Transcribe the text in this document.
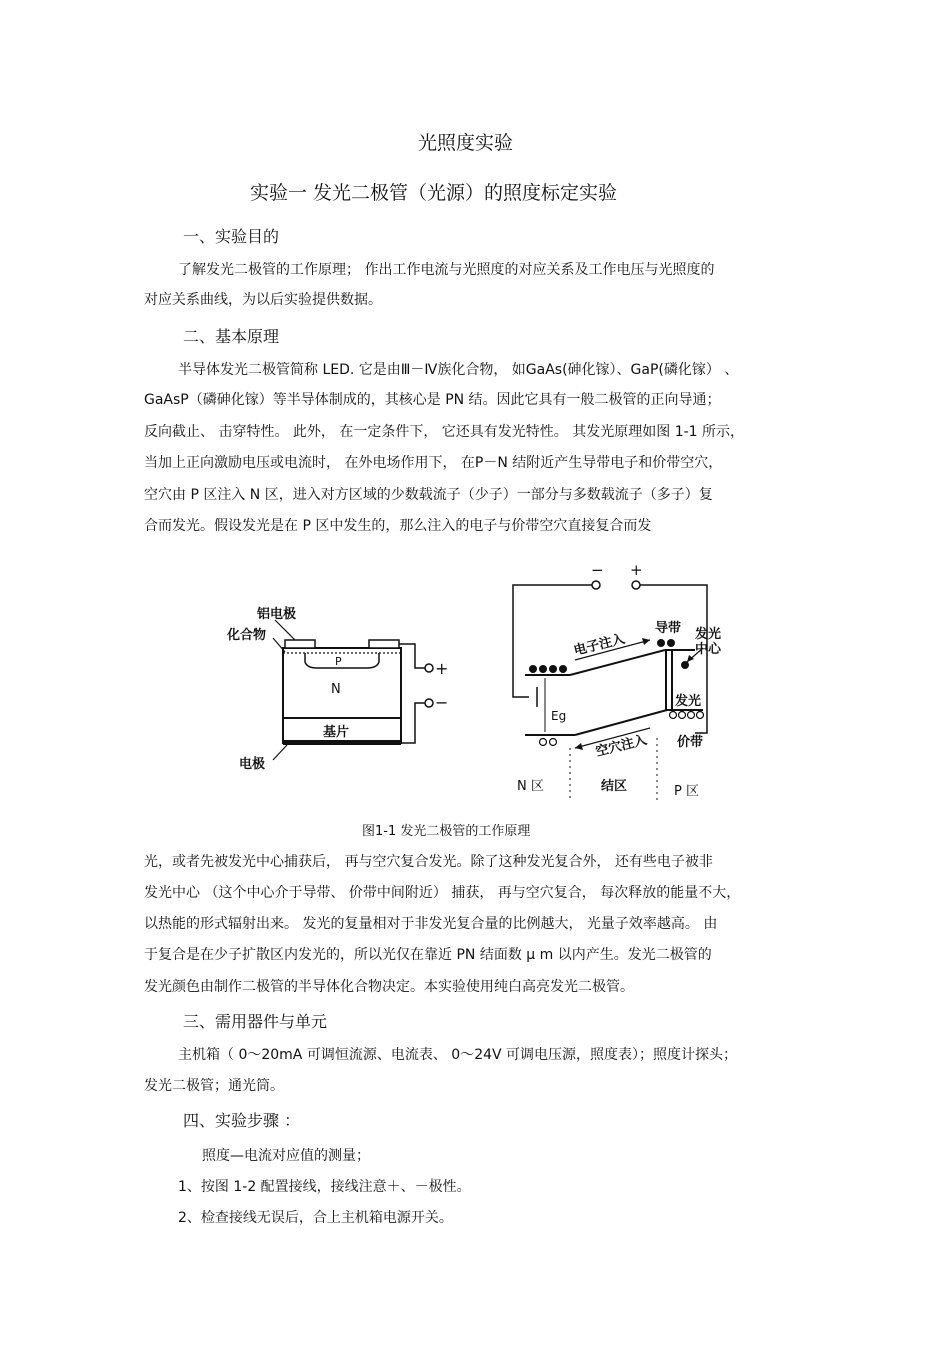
光照度实验
实验一 发光二极管（光源）的照度标定实验
一、实验目的
了解发光二极管的工作原理； 作出工作电流与光照度的对应关系及工作电压与光照度的
对应关系曲线，为以后实验提供数据。
二、基本原理
半导体发光二极管简称 LED. 它是由Ⅲ－Ⅳ族化合物， 如GaAs(砷化镓）、GaP(磷化镓） 、
GaAsP（磷砷化镓）等半导体制成的，其核心是 PN 结。因此它具有一般二极管的正向导通；
反向截止、 击穿特性。 此外， 在一定条件下， 它还具有发光特性。 其发光原理如图 1-1 所示，
当加上正向激励电压或电流时， 在外电场作用下， 在P－N 结附近产生导带电子和价带空穴，
空穴由 P 区注入 N 区，进入对方区域的少数载流子（少子）一部分与多数载流子（多子）复
合而发光。假设发光是在 P 区中发生的，那么注入的电子与价带空穴直接复合而发
铝电极
化合物
P
N
基片
电极
+
−
− +
电子注入
导带 发光 中心
发光
Eg
空穴注入 价带
N 区	结区	P 区
图1-1 发光二极管的工作原理
光，或者先被发光中心捕获后， 再与空穴复合发光。除了这种发光复合外， 还有些电子被非
发光中心 （这个中心介于导带、 价带中间附近） 捕获， 再与空穴复合， 每次释放的能量不大，
以热能的形式辐射出来。 发光的复量相对于非发光复合量的比例越大， 光量子效率越高。 由
于复合是在少子扩散区内发光的，所以光仅在靠近 PN 结面数 μ m 以内产生。发光二极管的
发光颜色由制作二极管的半导体化合物决定。本实验使用纯白高亮发光二极管。
三、需用器件与单元
主机箱（ 0～20mA 可调恒流源、电流表、 0～24V 可调电压源，照度表）；照度计探头；
发光二极管；通光筒。
四、实验步骤 ：
照度—电流对应值的测量；
1、按图 1-2 配置接线，接线注意＋、－极性。
2、检查接线无误后，合上主机箱电源开关。
